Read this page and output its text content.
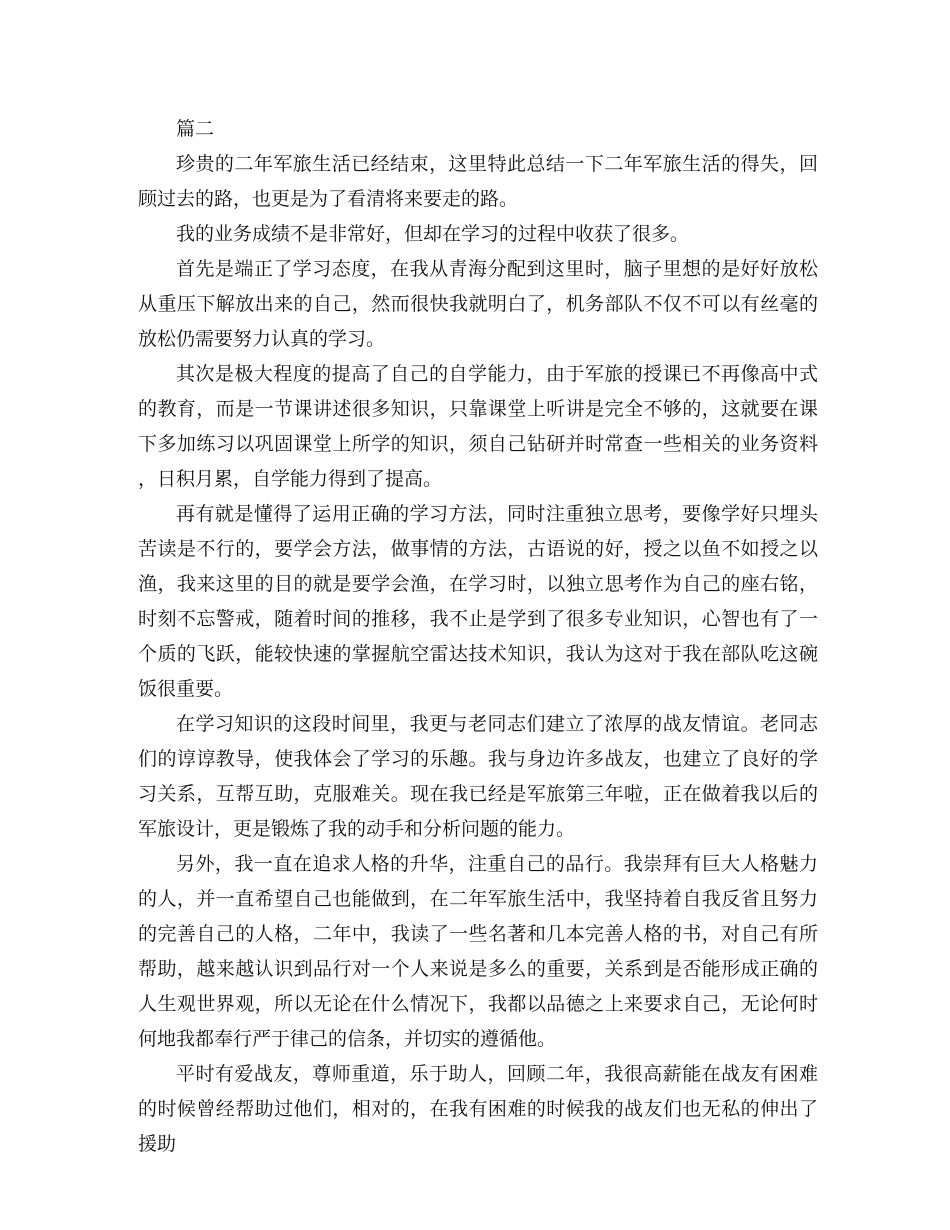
篇二

珍贵的二年军旅生活已经结束，这里特此总结一下二年军旅生活的得失，回顾过去的路，也更是为了看清将来要走的路。

我的业务成绩不是非常好，但却在学习的过程中收获了很多。

首先是端正了学习态度，在我从青海分配到这里时，脑子里想的是好好放松从重压下解放出来的自己，然而很快我就明白了，机务部队不仅不可以有丝毫的放松仍需要努力认真的学习。

其次是极大程度的提高了自己的自学能力，由于军旅的授课已不再像高中式的教育，而是一节课讲述很多知识，只靠课堂上听讲是完全不够的，这就要在课下多加练习以巩固课堂上所学的知识，须自己钻研并时常查一些相关的业务资料，日积月累，自学能力得到了提高。

再有就是懂得了运用正确的学习方法，同时注重独立思考，要像学好只埋头苦读是不行的，要学会方法，做事情的方法，古语说的好，授之以鱼不如授之以渔，我来这里的目的就是要学会渔，在学习时，以独立思考作为自己的座右铭，时刻不忘警戒，随着时间的推移，我不止是学到了很多专业知识，心智也有了一个质的飞跃，能较快速的掌握航空雷达技术知识，我认为这对于我在部队吃这碗饭很重要。

在学习知识的这段时间里，我更与老同志们建立了浓厚的战友情谊。老同志们的谆谆教导，使我体会了学习的乐趣。我与身边许多战友，也建立了良好的学习关系，互帮互助，克服难关。现在我已经是军旅第三年啦，正在做着我以后的军旅设计，更是锻炼了我的动手和分析问题的能力。

另外，我一直在追求人格的升华，注重自己的品行。我崇拜有巨大人格魅力的人，并一直希望自己也能做到，在二年军旅生活中，我坚持着自我反省且努力的完善自己的人格，二年中，我读了一些名著和几本完善人格的书，对自己有所帮助，越来越认识到品行对一个人来说是多么的重要，关系到是否能形成正确的人生观世界观，所以无论在什么情况下，我都以品德之上来要求自己，无论何时何地我都奉行严于律己的信条，并切实的遵循他。

平时有爱战友，尊师重道，乐于助人，回顾二年，我很高薪能在战友有困难的时候曾经帮助过他们，相对的，在我有困难的时候我的战友们也无私的伸出了援助
